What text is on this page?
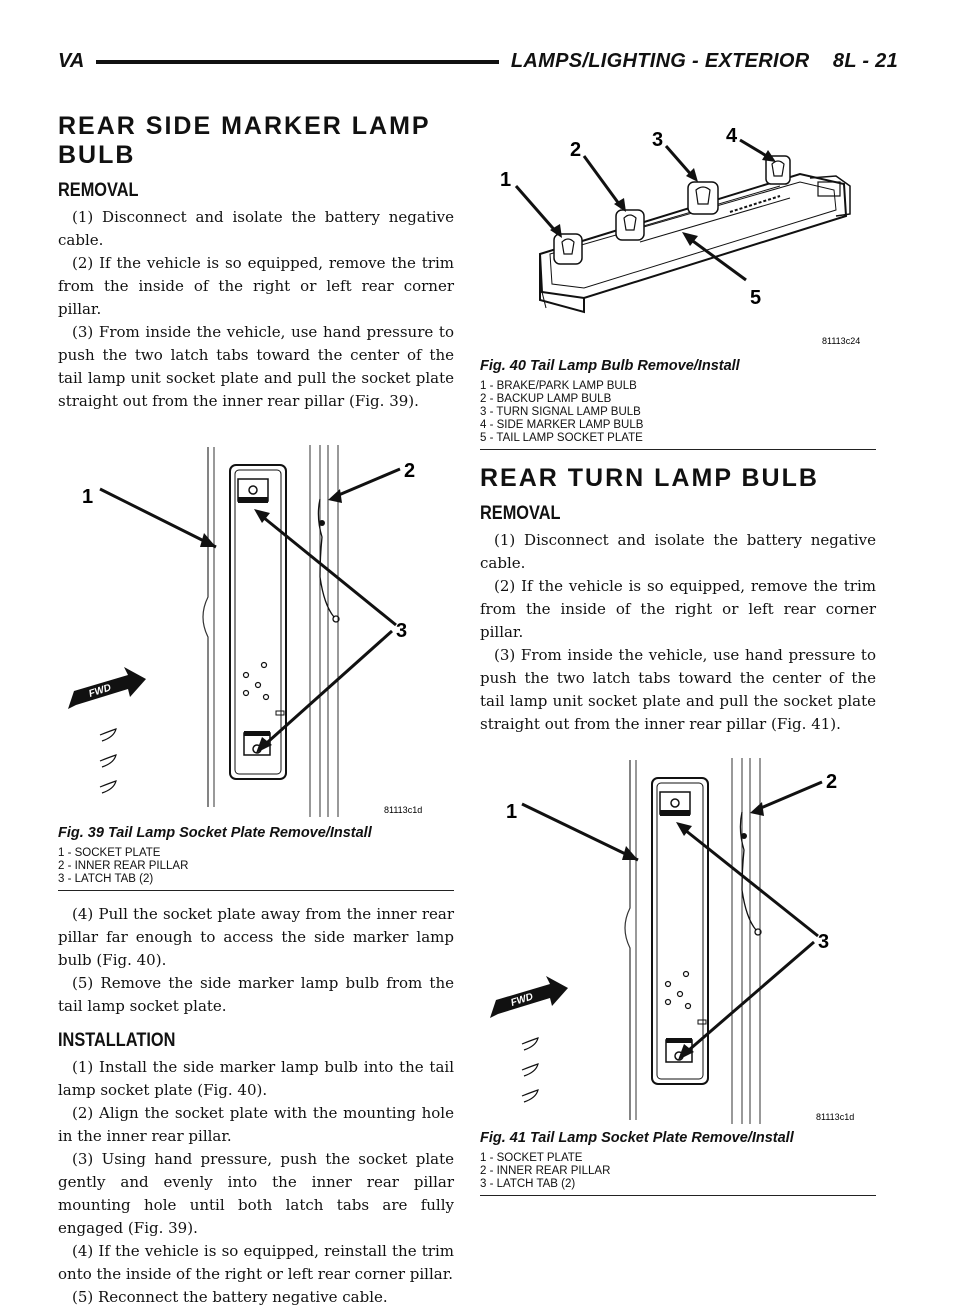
VA	LAMPS/LIGHTING - EXTERIOR    8L - 21
REAR SIDE MARKER LAMP BULB
REMOVAL

(1) Disconnect and isolate the battery negative cable.

(2) If the vehicle is so equipped, remove the trim from the inside of the right or left rear corner pillar.

(3) From inside the vehicle, use hand pressure to push the two latch tabs toward the center of the tail lamp unit socket plate and pull the socket plate straight out from the inner rear pillar (Fig. 39).

1
2
3
FWD
81113c1d
Fig. 39 Tail Lamp Socket Plate Remove/Install
1 - SOCKET PLATE
2 - INNER REAR PILLAR
3 - LATCH TAB (2)

(4) Pull the socket plate away from the inner rear pillar far enough to access the side marker lamp bulb (Fig. 40).

(5) Remove the side marker lamp bulb from the tail lamp socket plate.

INSTALLATION

(1) Install the side marker lamp bulb into the tail lamp socket plate (Fig. 40).

(2) Align the socket plate with the mounting hole in the inner rear pillar.

(3) Using hand pressure, push the socket plate gently and evenly into the inner rear pillar mounting hole until both latch tabs are fully engaged (Fig. 39).

(4) If the vehicle is so equipped, reinstall the trim onto the inside of the right or left rear corner pillar.

(5) Reconnect the battery negative cable.

1
2	3	4
5
81113c24
Fig. 40 Tail Lamp Bulb Remove/Install
1 - BRAKE/PARK LAMP BULB
2 - BACKUP LAMP BULB
3 - TURN SIGNAL LAMP BULB
4 - SIDE MARKER LAMP BULB
5 - TAIL LAMP SOCKET PLATE
REAR TURN LAMP BULB
REMOVAL

(1) Disconnect and isolate the battery negative cable.

(2) If the vehicle is so equipped, remove the trim from the inside of the right or left rear corner pillar.

(3) From inside the vehicle, use hand pressure to push the two latch tabs toward the center of the tail lamp unit socket plate and pull the socket plate straight out from the inner rear pillar (Fig. 41).

1
2
3
FWD
81113c1d
Fig. 41 Tail Lamp Socket Plate Remove/Install
1 - SOCKET PLATE
2 - INNER REAR PILLAR
3 - LATCH TAB (2)
